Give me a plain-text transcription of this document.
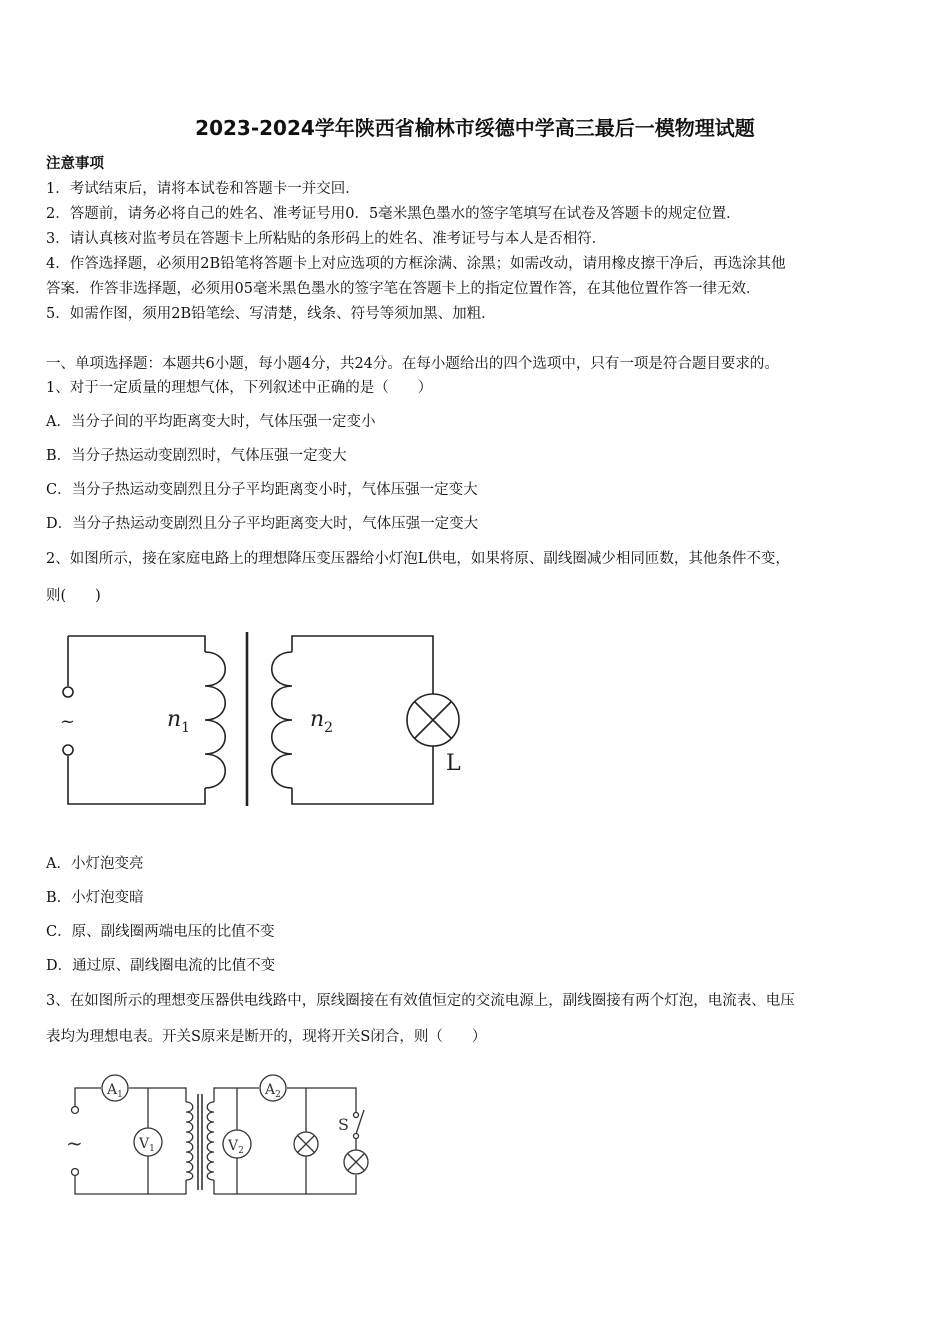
2023-2024学年陕西省榆林市绥德中学高三最后一模物理试题
注意事项
1．考试结束后，请将本试卷和答题卡一并交回．
2．答题前，请务必将自己的姓名、准考证号用0．5毫米黑色墨水的签字笔填写在试卷及答题卡的规定位置．
3．请认真核对监考员在答题卡上所粘贴的条形码上的姓名、准考证号与本人是否相符．
4．作答选择题，必须用2B铅笔将答题卡上对应选项的方框涂满、涂黑；如需改动，请用橡皮擦干净后，再选涂其他
答案．作答非选择题，必须用05毫米黑色墨水的签字笔在答题卡上的指定位置作答，在其他位置作答一律无效．
5．如需作图，须用2B铅笔绘、写清楚，线条、符号等须加黑、加粗．
一、单项选择题：本题共6小题，每小题4分，共24分。在每小题给出的四个选项中，只有一项是符合题目要求的。
1、对于一定质量的理想气体，下列叙述中正确的是（　　）
A．当分子间的平均距离变大时，气体压强一定变小
B．当分子热运动变剧烈时，气体压强一定变大
C．当分子热运动变剧烈且分子平均距离变小时，气体压强一定变大
D．当分子热运动变剧烈且分子平均距离变大时，气体压强一定变大
2、如图所示，接在家庭电路上的理想降压变压器给小灯泡L供电，如果将原、副线圈减少相同匝数，其他条件不变，
则(　　)
~	$n_1$	$n_2$
L
A．小灯泡变亮
B．小灯泡变暗
C．原、副线圈两端电压的比值不变
D．通过原、副线圈电流的比值不变
3、在如图所示的理想变压器供电线路中，原线圈接在有效值恒定的交流电源上，副线圈接有两个灯泡，电流表、电压
表均为理想电表。开关S原来是断开的，现将开关S闭合，则（　　）
~
$A_1$
$V_1$
$A_2$
$V_2$
S
